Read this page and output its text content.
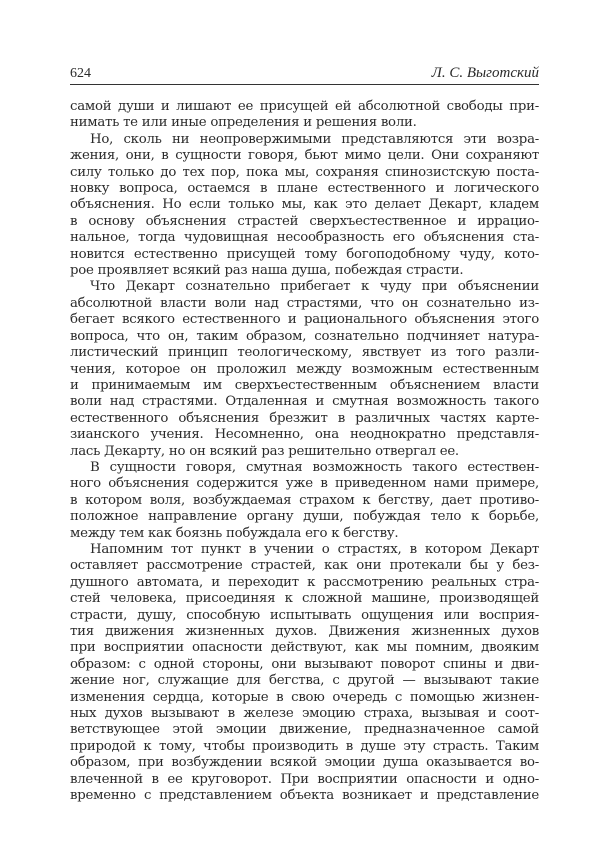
624	Л. С. Выготский
самой души и лишают ее присущей ей абсолютной свободы при-
нимать те или иные определения и решения воли.
Но, сколь ни неопровержимыми представляются эти возра-
жения, они, в сущности говоря, бьют мимо цели. Они сохраняют
силу только до тех пор, пока мы, сохраняя спинозистскую поста-
новку вопроса, остаемся в плане естественного и логического
объяснения. Но если только мы, как это делает Декарт, кладем
в основу объяснения страстей сверхъестественное и иррацио-
нальное, тогда чудовищная несообразность его объяснения ста-
новится естественно присущей тому богоподобному чуду, кото-
рое проявляет всякий раз наша душа, побеждая страсти.
Что Декарт сознательно прибегает к чуду при объяснении
абсолютной власти воли над страстями, что он сознательно из-
бегает всякого естественного и рационального объяснения этого
вопроса, что он, таким образом, сознательно подчиняет натура-
листический принцип теологическому, явствует из того разли-
чения, которое он проложил между возможным естественным
и принимаемым им сверхъестественным объяснением власти
воли над страстями. Отдаленная и смутная возможность такого
естественного объяснения брезжит в различных частях карте-
зианского учения. Несомненно, она неоднократно представля-
лась Декарту, но он всякий раз решительно отвергал ее.
В сущности говоря, смутная возможность такого естествен-
ного объяснения содержится уже в приведенном нами примере,
в котором воля, возбуждаемая страхом к бегству, дает противо-
положное направление органу души, побуждая тело к борьбе,
между тем как боязнь побуждала его к бегству.
Напомним тот пункт в учении о страстях, в котором Декарт
оставляет рассмотрение страстей, как они протекали бы у без-
душного автомата, и переходит к рассмотрению реальных стра-
стей человека, присоединяя к сложной машине, производящей
страсти, душу, способную испытывать ощущения или восприя-
тия движения жизненных духов. Движения жизненных духов
при восприятии опасности действуют, как мы помним, двояким
образом: с одной стороны, они вызывают поворот спины и дви-
жение ног, служащие для бегства, с другой — вызывают такие
изменения сердца, которые в свою очередь с помощью жизнен-
ных духов вызывают в железе эмоцию страха, вызывая и соот-
ветствующее этой эмоции движение, предназначенное самой
природой к тому, чтобы производить в душе эту страсть. Таким
образом, при возбуждении всякой эмоции душа оказывается во-
влеченной в ее круговорот. При восприятии опасности и одно-
временно с представлением объекта возникает и представление
